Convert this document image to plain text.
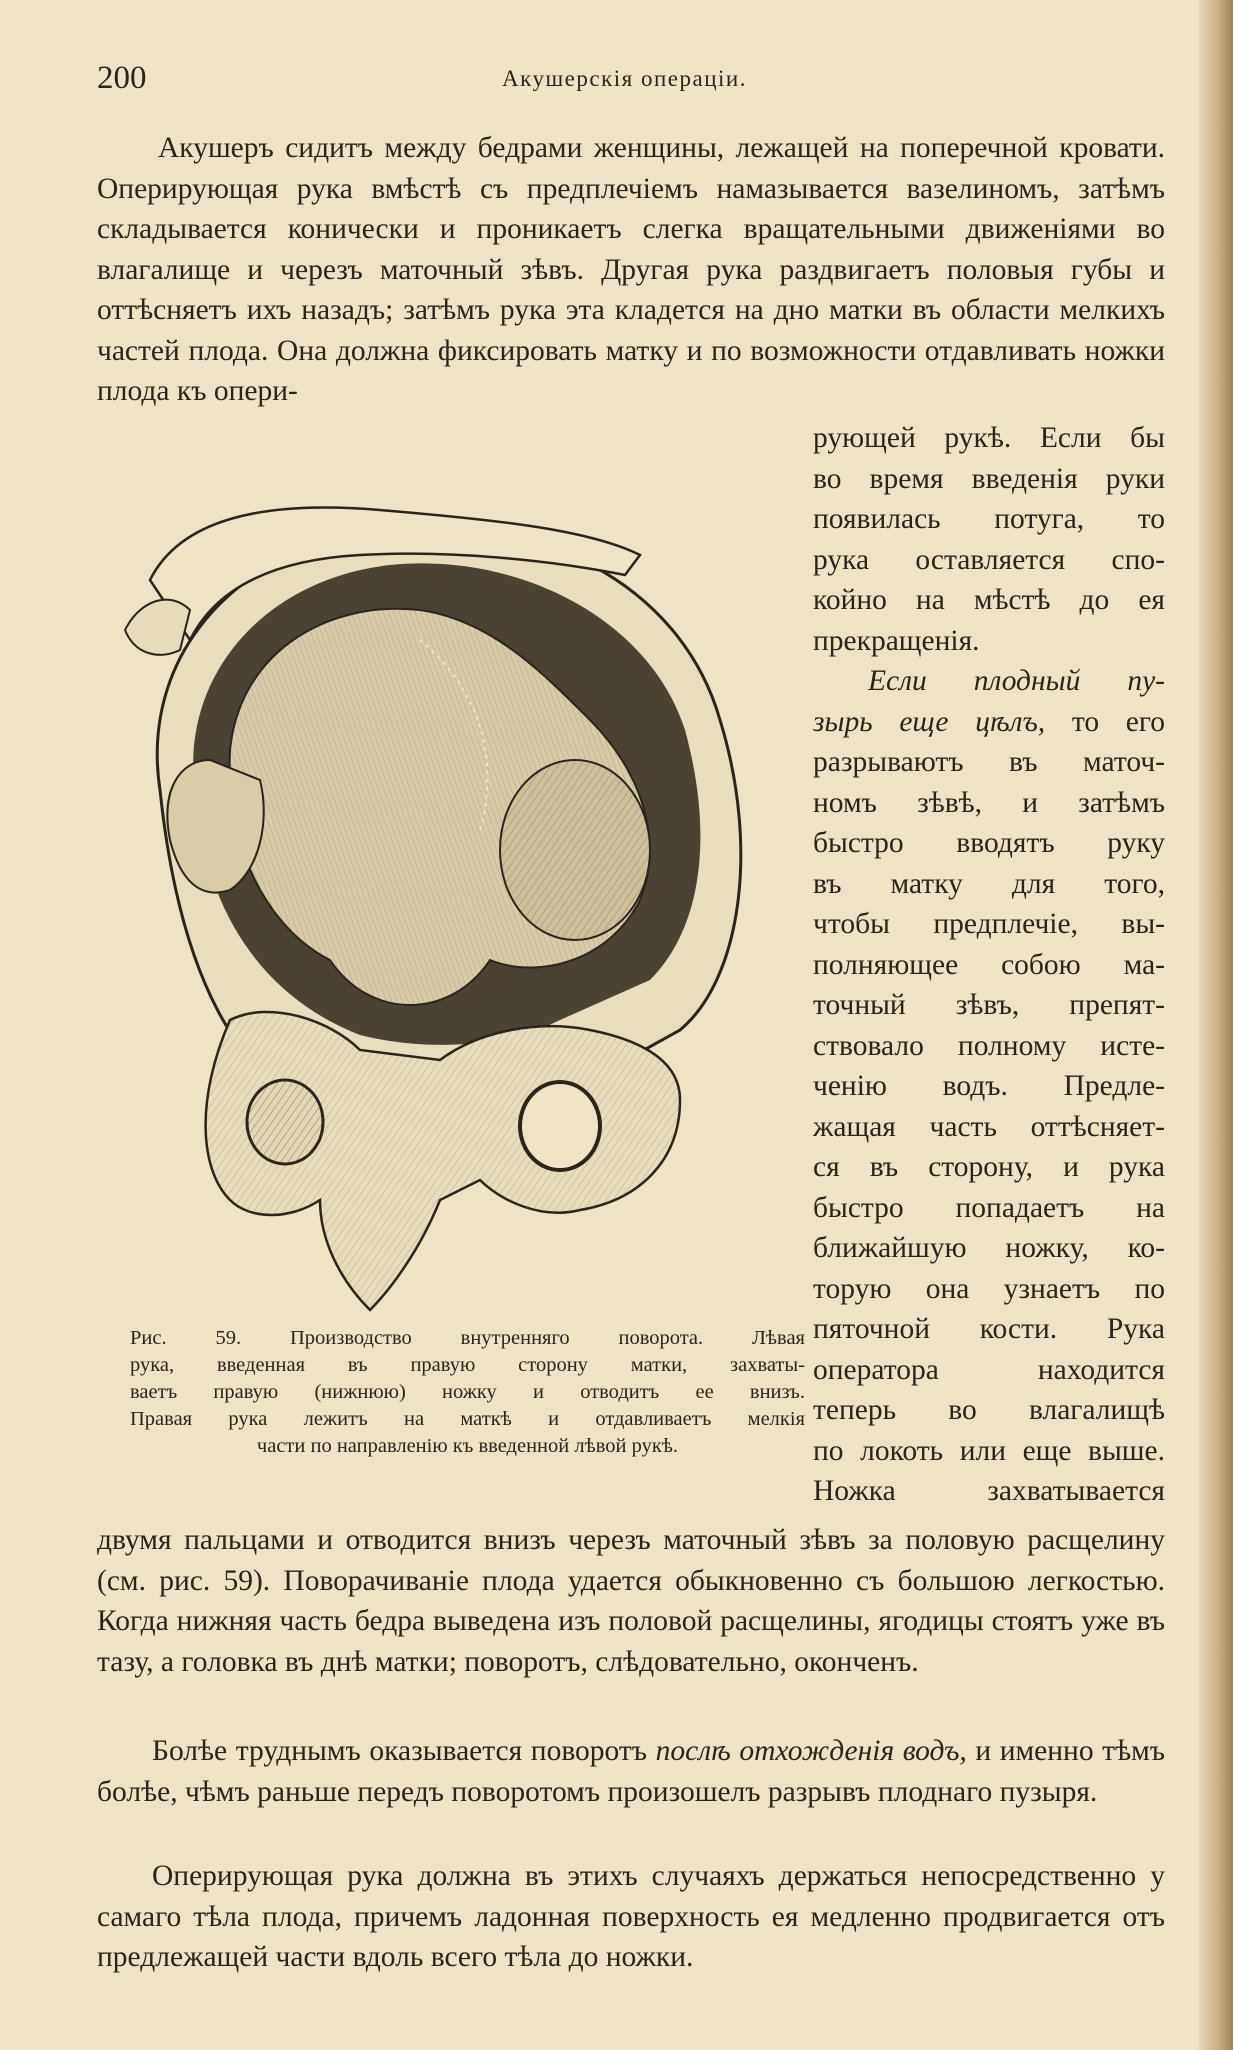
200	Акушерскія операціи.

Акушеръ сидитъ между бедрами женщины, лежащей на поперечной кровати. Оперирующая рука вмѣстѣ съ предплечіемъ намазывается вазелиномъ, затѣмъ складывается конически и проникаетъ слегка вращательными движеніями во влагалище и черезъ маточный зѣвъ. Другая рука раздвигаетъ половыя губы и оттѣсняетъ ихъ назадъ; затѣмъ рука эта кладется на дно матки въ области мелкихъ частей плода. Она должна фиксировать матку и по возможности отдавливать ножки плода къ опери-

рующей рукѣ. Если бы
во время введенія руки
появилась потуга, то
рука оставляется спо-
койно на мѣстѣ до ея
прекращенія.
Если плодный пу-
зырь еще цѣлъ, то его
разрываютъ въ маточ-
номъ зѣвѣ, и затѣмъ
быстро вводятъ руку
въ матку для того,
чтобы предплечіе, вы-
полняющее собою ма-
точный зѣвъ, препят-
ствовало полному исте-
ченію водъ. Предле-
жащая часть оттѣсняет-
ся въ сторону, и рука
быстро попадаетъ на
ближайшую ножку, ко-
торую она узнаетъ по
пяточной кости. Рука
оператора находится
теперь во влагалищѣ
по локоть или еще выше.
Ножка захватывается
Рис. 59. Производство внутренняго поворота. Лѣвая
рука, введенная въ правую сторону матки, захваты-
ваетъ правую (нижнюю) ножку и отводитъ ее внизъ.
Правая рука лежитъ на маткѣ и отдавливаетъ мелкія
части по направленію къ введенной лѣвой рукѣ.

двумя пальцами и отводится внизъ черезъ маточный зѣвъ за половую расщелину (см. рис. 59). Поворачиваніе плода удается обыкновенно съ большою легкостью. Когда нижняя часть бедра выведена изъ половой расщелины, ягодицы стоятъ уже въ тазу, а головка въ днѣ матки; поворотъ, слѣдовательно, оконченъ.

Болѣе труднымъ оказывается поворотъ послѣ отхожденія водъ, и именно тѣмъ болѣе, чѣмъ раньше передъ поворотомъ произошелъ разрывъ плоднаго пузыря.

Оперирующая рука должна въ этихъ случаяхъ держаться непосредственно у самаго тѣла плода, причемъ ладонная поверхность ея медленно продвигается отъ предлежащей части вдоль всего тѣла до ножки.
